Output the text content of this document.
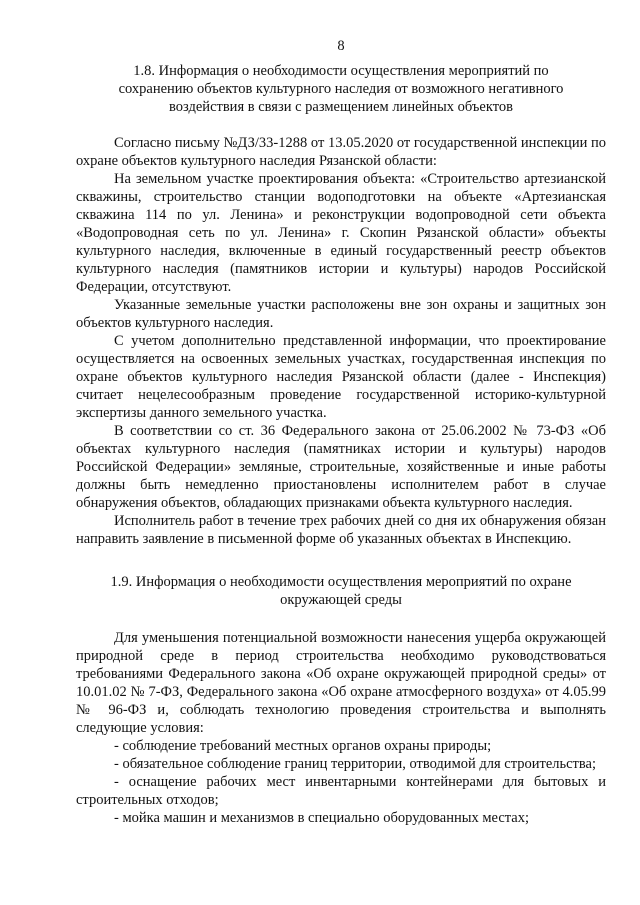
8
1.8. Информация о необходимости осуществления мероприятий по
сохранению объектов культурного наследия от возможного негативного
воздействия в связи с размещением линейных объектов

Согласно письму №ДЗ/33-1288 от 13.05.2020 от государственной инспекции по охране объектов культурного наследия Рязанской области:

На земельном участке проектирования объекта: «Строительство артезианской скважины, строительство станции водоподготовки на объекте «Артезианская скважина 114 по ул. Ленина» и реконструкции водопроводной сети объекта «Водопроводная сеть по ул. Ленина» г. Скопин Рязанской области» объекты культурного наследия, включенные в единый государственный реестр объектов культурного наследия (памятников истории и культуры) народов Российской Федерации, отсутствуют.

Указанные земельные участки расположены вне зон охраны и защитных зон объектов культурного наследия.

С учетом дополнительно представленной информации, что проектирование осуществляется на освоенных земельных участках, государственная инспекция по охране объектов культурного наследия Рязанской области (далее - Инспекция) считает нецелесообразным проведение государственной историко-культурной экспертизы данного земельного участка.

В соответствии со ст. 36 Федерального закона от 25.06.2002 № 73-ФЗ «Об объектах культурного наследия (памятниках истории и культуры) народов Российской Федерации» земляные, строительные, хозяйственные и иные работы должны быть немедленно приостановлены исполнителем работ в случае обнаружения объектов, обладающих признаками объекта культурного наследия.

Исполнитель работ в течение трех рабочих дней со дня их обнаружения обязан направить заявление в письменной форме об указанных объектах в Инспекцию.

1.9. Информация о необходимости осуществления мероприятий по охране
окружающей среды

Для уменьшения потенциальной возможности нанесения ущерба окружающей природной среде в период строительства необходимо руководствоваться требованиями Федерального закона «Об охране окружающей природной среды» от 10.01.02 № 7-ФЗ, Федерального закона «Об охране атмосферного воздуха» от 4.05.99 № 96-ФЗ и, соблюдать технологию проведения строительства и выполнять следующие условия:

- соблюдение требований местных органов охраны природы;

- обязательное соблюдение границ территории, отводимой для строительства;

- оснащение рабочих мест инвентарными контейнерами для бытовых и строительных отходов;

- мойка машин и механизмов в специально оборудованных местах;
